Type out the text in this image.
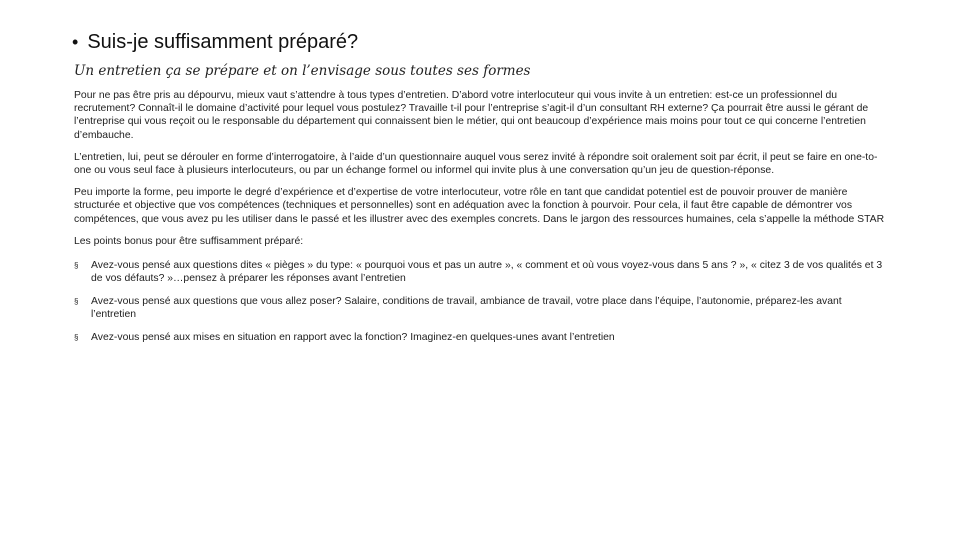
• Suis-je suffisamment préparé?
Un entretien ça se prépare et on l’envisage sous toutes ses formes

Pour ne pas être pris au dépourvu, mieux vaut s’attendre à tous types d’entretien. D’abord votre interlocuteur qui vous invite à un entretien: est-ce un professionnel du recrutement? Connaît-il le domaine d’activité pour lequel vous postulez? Travaille t-il pour l’entreprise s’agit-il d’un consultant RH externe? Ça pourrait être aussi le gérant de l’entreprise qui vous reçoit ou le responsable du département qui connaissent bien le métier, qui ont beaucoup d’expérience mais moins pour tout ce qui concerne l’entretien d’embauche.

L’entretien, lui, peut se dérouler en forme d’interrogatoire, à l’aide d’un questionnaire auquel vous serez invité à répondre soit oralement soit par écrit, il peut se faire en one-to-one ou vous seul face à plusieurs interlocuteurs, ou par un échange formel ou informel qui invite plus à une conversation qu’un jeu de question-réponse.

Peu importe la forme, peu importe le degré d’expérience et d’expertise de votre interlocuteur, votre rôle en tant que candidat potentiel est de pouvoir prouver de manière structurée et objective que vos compétences (techniques et personnelles) sont en adéquation avec la fonction à pourvoir. Pour cela, il faut être capable de démontrer vos compétences, que vous avez pu les utiliser dans le passé et les illustrer avec des exemples concrets. Dans le jargon des ressources humaines, cela s’appelle la méthode STAR

Les points bonus pour être suffisamment préparé:

§ Avez-vous pensé aux questions dites « pièges » du type: « pourquoi vous et pas un autre », « comment et où vous voyez-vous dans 5 ans ? », « citez 3 de vos qualités et 3 de vos défauts? »…pensez à préparer les réponses avant l’entretien
§ Avez-vous pensé aux questions que vous allez poser? Salaire, conditions de travail, ambiance de travail, votre place dans l’équipe, l’autonomie, préparez-les avant l’entretien
§ Avez-vous pensé aux mises en situation en rapport avec la fonction? Imaginez-en quelques-unes avant l’entretien
